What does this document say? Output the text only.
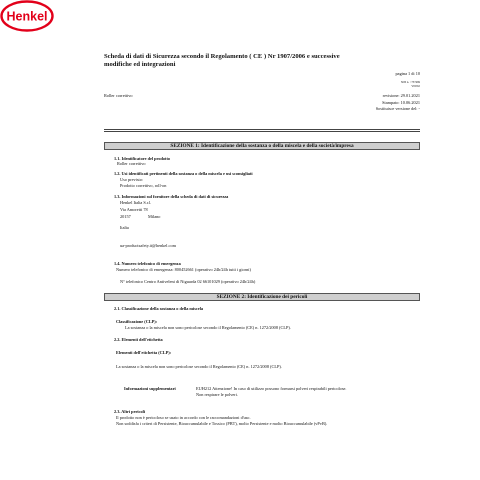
Henkel
Scheda di dati di Sicurezza secondo il Regolamento ( CE ) Nr 1907/2006 e successive
modifiche ed integrazioni
pagina 1 di 10
SDS n. : 737469
V003.0
Roller correttivo	revisione: 29.01.2021
Stampato: 10.06.2021
Sostituisce versione del: -
SEZIONE 1: Identificazione della sostanza o della miscela e della società/impresa
1.1. Identificatore del prodotto
Roller correttivo
1.2. Usi identificati pertinenti della sostanza o della miscela e usi sconsigliati
Uso previsto:
Prodotto correttivo, roll-on
1.3. Informazioni sul fornitore della scheda di dati di sicurezza
Henkel Italia S.r.l.
Via Amoretti 78
20157	Milano
Italia
ua-productsafety.it@henkel.com
1.4. Numero telefonico di emergenza
Numero telefonico di emergenza: 800452661 (operativo 24h/24h tutti i giorni)
N° telefonico Centro Antiveleni di Niguarda 02 66101029 (operativo 24h/24h)
SEZIONE 2: Identificazione dei pericoli
2.1. Classificazione della sostanza o della miscela
Classificazione (CLP):
La sostanza o la miscela non sono pericolose secondo il Regolamento (CE) n. 1272/2008 (CLP).
2.2. Elementi dell'etichetta
Elementi dell'etichetta (CLP):
La sostanza o la miscela non sono pericolose secondo il Regolamento (CE) n. 1272/2008 (CLP).
Informazioni supplementari	EUH212 Attenzione! In caso di utilizzo possono formarsi polveri respirabili pericolose.
Non respirare le polveri.
2.3. Altri pericoli
Il prodotto non è pericoloso se usato in accordo con le raccomandazioni d'uso.
Non soddisfa i criteri di Persistente, Bioaccumulabile e Tossico (PBT), molto Persistente e molto Bioaccumulabile (vPvB).
